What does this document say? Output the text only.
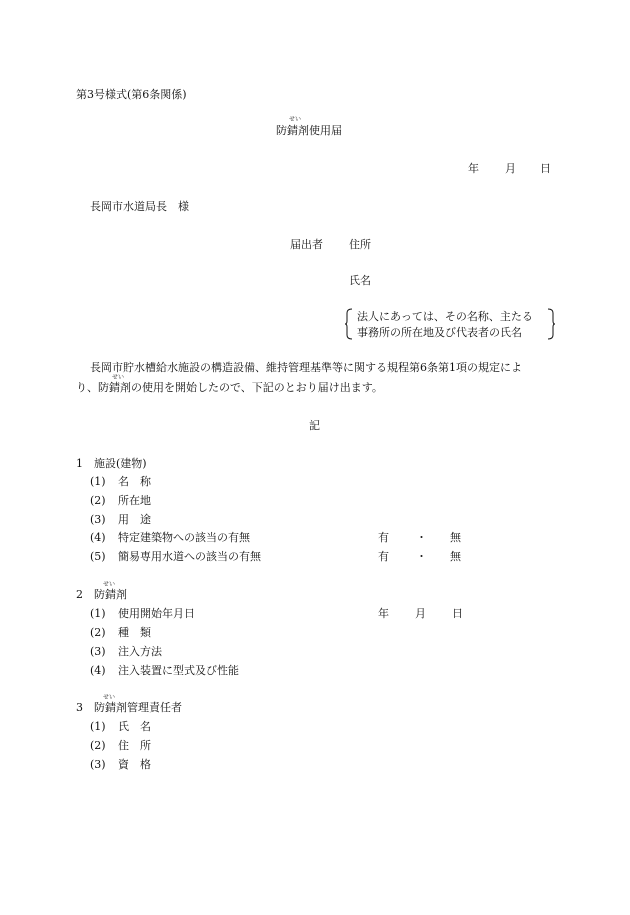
第3号様式(第6条関係)
せい
防錆剤使用届
年 月 日
長岡市水道局長　様
届出者 住所
氏名
法人にあっては、その名称、主たる
事務所の所在地及び代表者の氏名
長岡市貯水槽給水施設の構造設備、維持管理基準等に関する規程第6条第1項の規定によ
せい
り、防錆剤の使用を開始したので、下記のとおり届け出ます。
記
1　施設(建物)
(1) 名　称
(2) 所在地
(3) 用　途
(4) 特定建築物への該当の有無	有 ・ 無
(5) 簡易専用水道への該当の有無	有 ・ 無
せい
2　防錆剤
(1) 使用開始年月日	年 月 日
(2) 種　類
(3) 注入方法
(4) 注入装置に型式及び性能
せい
3　防錆剤管理責任者
(1) 氏　名
(2) 住　所
(3) 資　格
